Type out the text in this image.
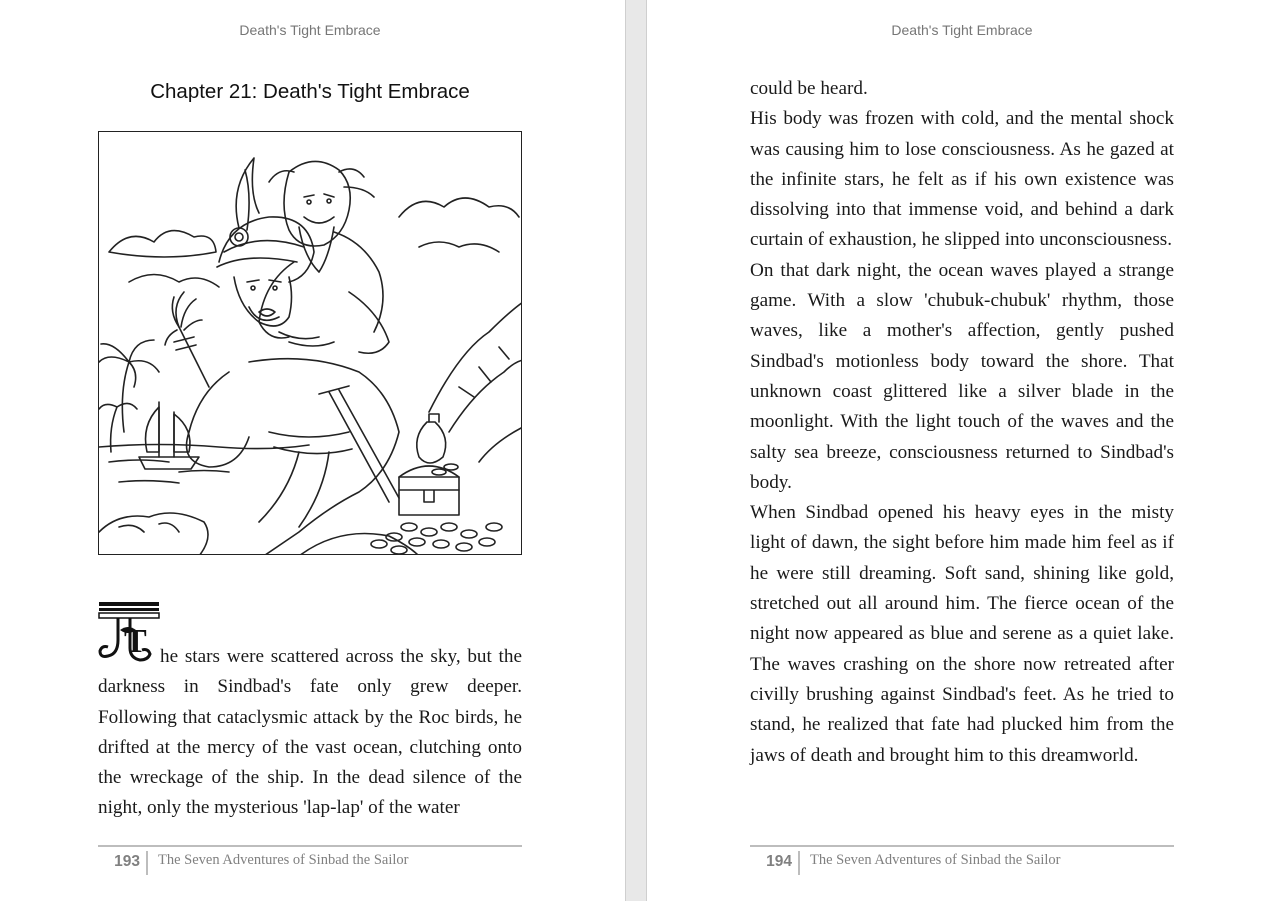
Death's Tight Embrace
Chapter 21: Death's Tight Embrace
T he stars were scattered across the sky, but the darkness in Sindbad's fate only grew deeper. Following that cataclysmic attack by the Roc birds, he drifted at the mercy of the vast ocean, clutching onto the wreckage of the ship. In the dead silence of the night, only the mysterious 'lap-lap' of the water

193	The Seven Adventures of Sinbad the Sailor
Death's Tight Embrace

could be heard.

His body was frozen with cold, and the mental shock was causing him to lose consciousness. As he gazed at the infinite stars, he felt as if his own existence was dissolving into that immense void, and behind a dark curtain of exhaustion, he slipped into unconsciousness.

On that dark night, the ocean waves played a strange game. With a slow 'chubuk-chubuk' rhythm, those waves, like a mother's affection, gently pushed Sindbad's motionless body toward the shore. That unknown coast glittered like a silver blade in the moonlight. With the light touch of the waves and the salty sea breeze, consciousness returned to Sindbad's body.

When Sindbad opened his heavy eyes in the misty light of dawn, the sight before him made him feel as if he were still dreaming. Soft sand, shining like gold, stretched out all around him. The fierce ocean of the night now appeared as blue and serene as a quiet lake. The waves crashing on the shore now retreated after civilly brushing against Sindbad's feet. As he tried to stand, he realized that fate had plucked him from the jaws of death and brought him to this dreamworld.

194	The Seven Adventures of Sinbad the Sailor
